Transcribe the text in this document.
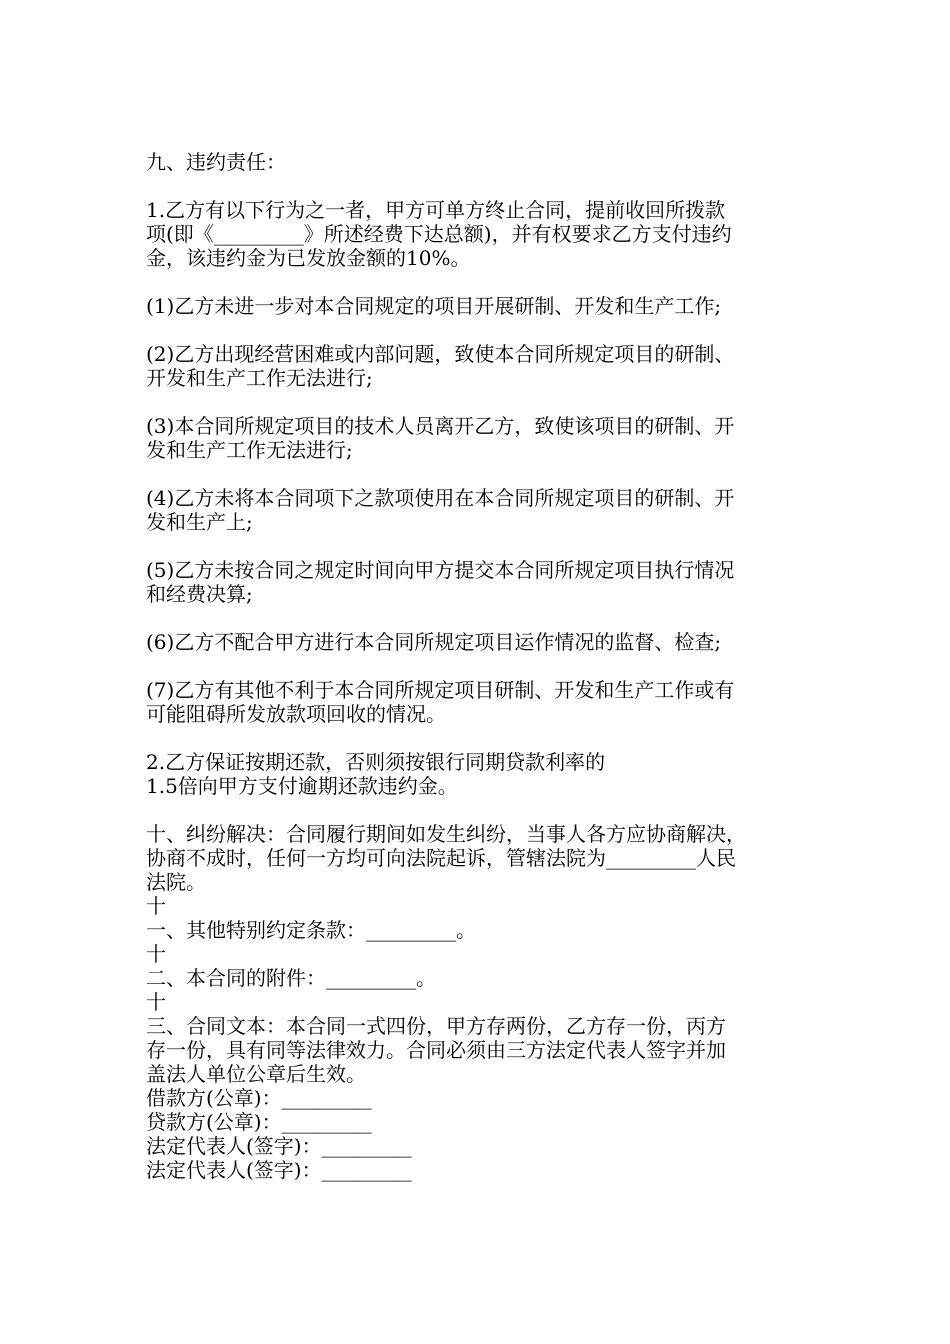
九、违约责任：
1.乙方有以下行为之一者，甲方可单方终止合同，提前收回所拨款
项(即《_________》所述经费下达总额)，并有权要求乙方支付违约
金，该违约金为已发放金额的10%。
(1)乙方未进一步对本合同规定的项目开展研制、开发和生产工作;
(2)乙方出现经营困难或内部问题，致使本合同所规定项目的研制、
开发和生产工作无法进行;
(3)本合同所规定项目的技术人员离开乙方，致使该项目的研制、开
发和生产工作无法进行;
(4)乙方未将本合同项下之款项使用在本合同所规定项目的研制、开
发和生产上;
(5)乙方未按合同之规定时间向甲方提交本合同所规定项目执行情况
和经费决算;
(6)乙方不配合甲方进行本合同所规定项目运作情况的监督、检查;
(7)乙方有其他不利于本合同所规定项目研制、开发和生产工作或有
可能阻碍所发放款项回收的情况。
2.乙方保证按期还款，否则须按银行同期贷款利率的
1.5倍向甲方支付逾期还款违约金。
十、纠纷解决：合同履行期间如发生纠纷，当事人各方应协商解决，
协商不成时，任何一方均可向法院起诉，管辖法院为_________人民
法院。
十
一、其他特别约定条款：_________。
十
二、本合同的附件：_________。
十
三、合同文本：本合同一式四份，甲方存两份，乙方存一份，丙方
存一份，具有同等法律效力。合同必须由三方法定代表人签字并加
盖法人单位公章后生效。
借款方(公章)：_________
贷款方(公章)：_________
法定代表人(签字)：_________
法定代表人(签字)：_________
